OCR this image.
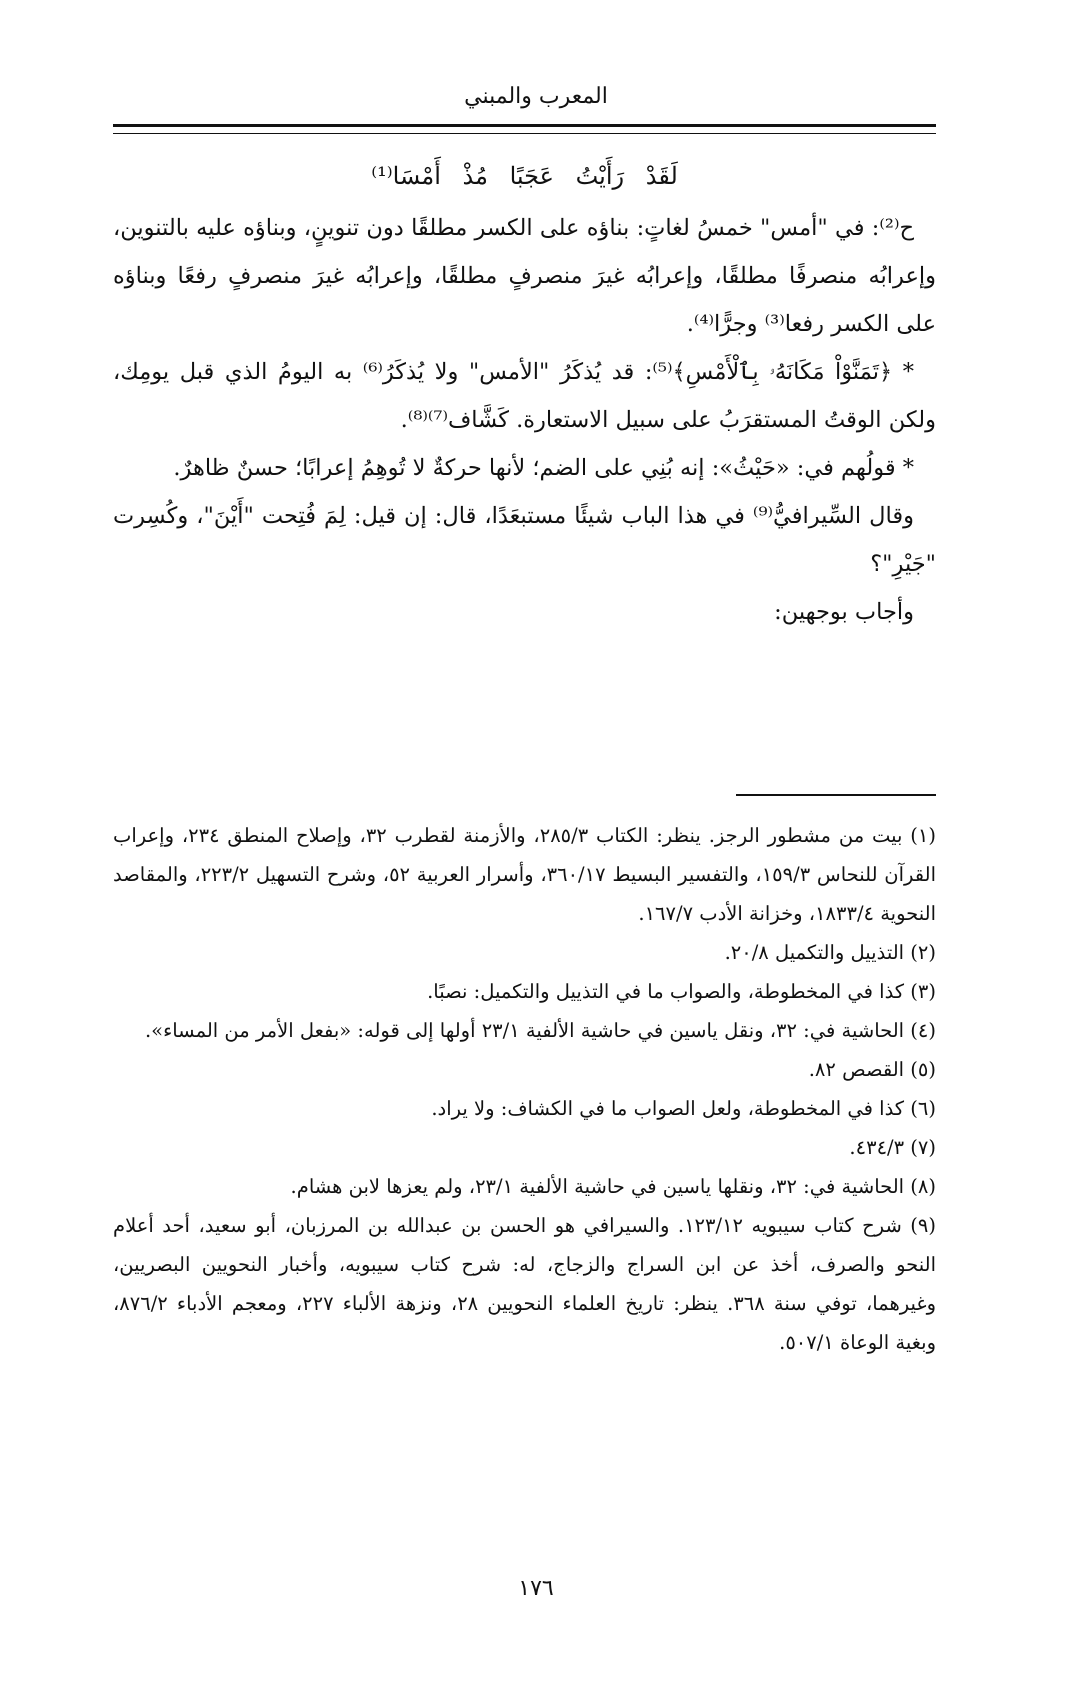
المعرب والمبني

لَقَدْ رَأَيْتُ عَجَبًا مُذْ أَمْسَا⁽¹⁾

ح⁽²⁾: في "أمس" خمسُ لغاتٍ: بناؤه على الكسر مطلقًا دون تنوينٍ، وبناؤه عليه بالتنوين، وإعرابُه منصرفًا مطلقًا، وإعرابُه غيرَ منصرفٍ مطلقًا، وإعرابُه غيرَ منصرفٍ رفعًا وبناؤه على الكسر رفعا⁽³⁾ وجرًّا⁽⁴⁾.

* ﴿تَمَنَّوْاْ مَكَانَهُۥ بِٱلْأَمْسِ﴾⁽⁵⁾: قد يُذكَرُ "الأمس" ولا يُذكَرُ⁽⁶⁾ به اليومُ الذي قبل يومِك، ولكن الوقتُ المستقرَبُ على سبيل الاستعارة. كَشَّاف⁽⁷⁾⁽⁸⁾.

* قولُهم في: «حَيْثُ»: إنه بُنِي على الضم؛ لأنها حركةٌ لا تُوهِمُ إعرابًا؛ حسنٌ ظاهرٌ.

وقال السِّيرافيُّ⁽⁹⁾ في هذا الباب شيئًا مستبعَدًا، قال: إن قيل: لِمَ فُتِحت "أَيْنَ"، وكُسِرت "جَيْرِ"؟

وأجاب بوجهين:

(١) بيت من مشطور الرجز. ينظر: الكتاب ٢٨٥/٣، والأزمنة لقطرب ٣٢، وإصلاح المنطق ٢٣٤، وإعراب القرآن للنحاس ١٥٩/٣، والتفسير البسيط ٣٦٠/١٧، وأسرار العربية ٥٢، وشرح التسهيل ٢٢٣/٢، والمقاصد النحوية ١٨٣٣/٤، وخزانة الأدب ١٦٧/٧.

(٢) التذييل والتكميل ٢٠/٨.

(٣) كذا في المخطوطة، والصواب ما في التذييل والتكميل: نصبًا.

(٤) الحاشية في: ٣٢، ونقل ياسين في حاشية الألفية ٢٣/١ أولها إلى قوله: «بفعل الأمر من المساء».

(٥) القصص ٨٢.

(٦) كذا في المخطوطة، ولعل الصواب ما في الكشاف: ولا يراد.

(٧) ٤٣٤/٣.

(٨) الحاشية في: ٣٢، ونقلها ياسين في حاشية الألفية ٢٣/١، ولم يعزها لابن هشام.

(٩) شرح كتاب سيبويه ١٢٣/١٢. والسيرافي هو الحسن بن عبدالله بن المرزبان، أبو سعيد، أحد أعلام النحو والصرف، أخذ عن ابن السراج والزجاج، له: شرح كتاب سيبويه، وأخبار النحويين البصريين، وغيرهما، توفي سنة ٣٦٨. ينظر: تاريخ العلماء النحويين ٢٨، ونزهة الألباء ٢٢٧، ومعجم الأدباء ٨٧٦/٢، وبغية الوعاة ٥٠٧/١.

١٧٦
